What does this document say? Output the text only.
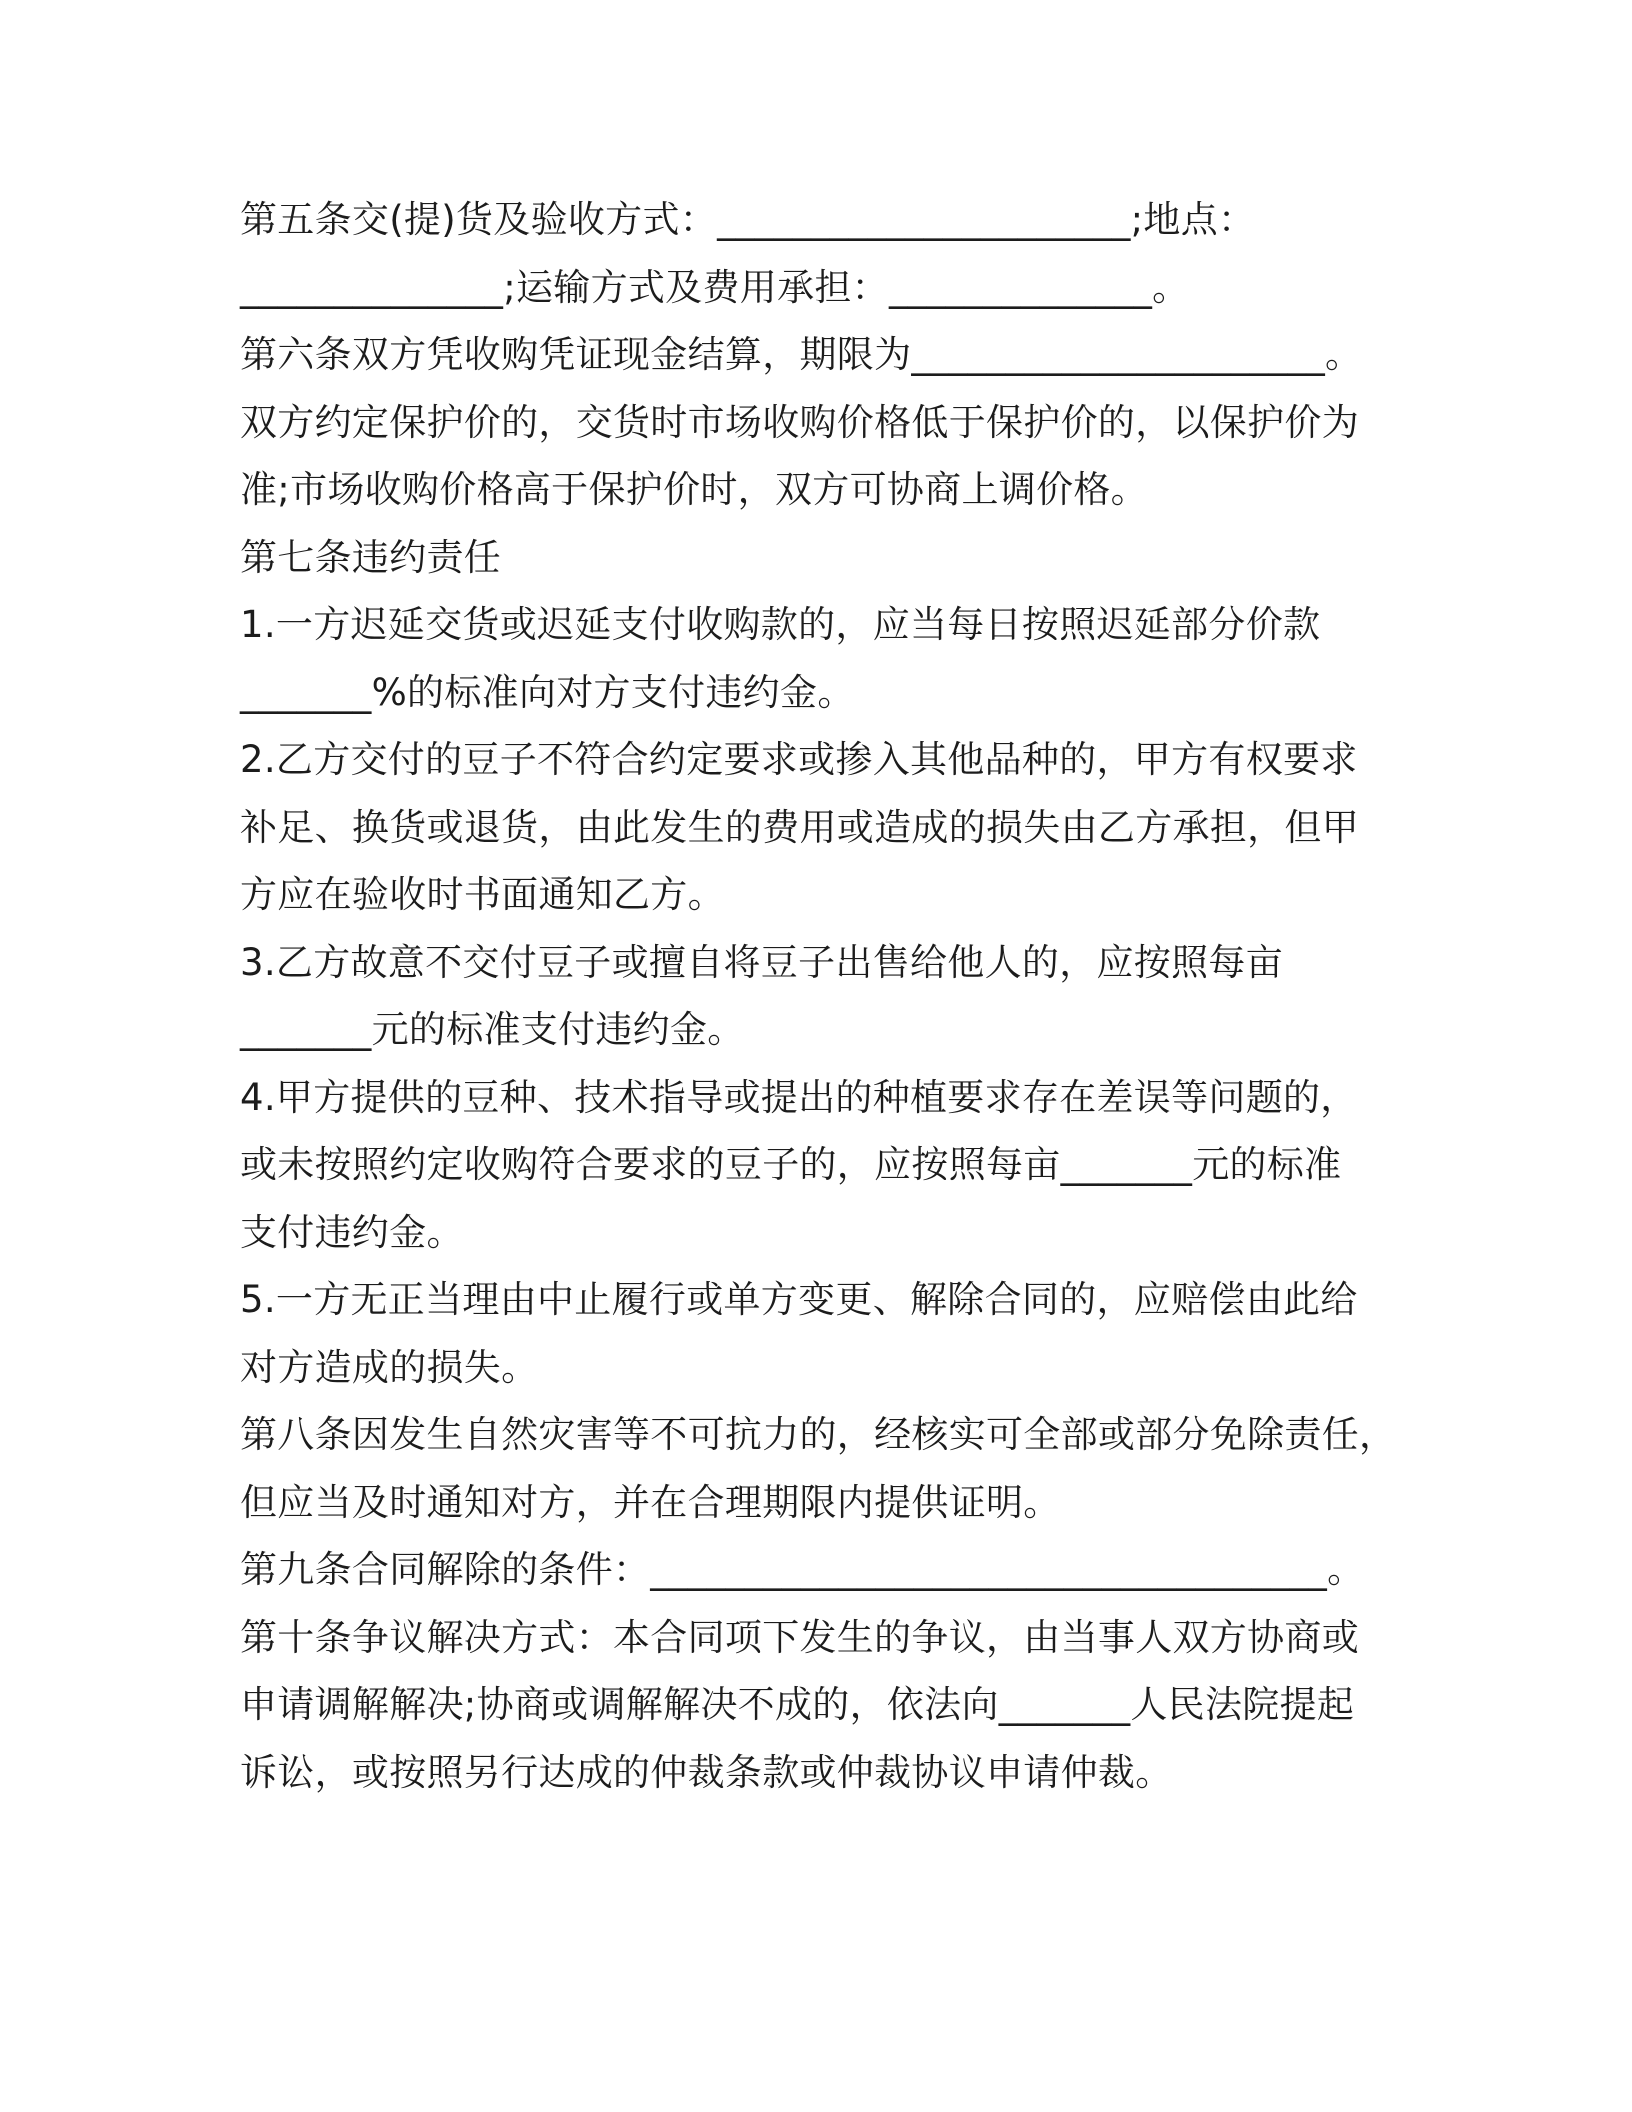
第五条交(提)货及验收方式：______________________;地点：
______________;运输方式及费用承担：______________。
第六条双方凭收购凭证现金结算，期限为______________________。
双方约定保护价的，交货时市场收购价格低于保护价的，以保护价为
准;市场收购价格高于保护价时，双方可协商上调价格。
第七条违约责任
1.一方迟延交货或迟延支付收购款的，应当每日按照迟延部分价款
_______%的标准向对方支付违约金。
2.乙方交付的豆子不符合约定要求或掺入其他品种的，甲方有权要求
补足、换货或退货，由此发生的费用或造成的损失由乙方承担，但甲
方应在验收时书面通知乙方。
3.乙方故意不交付豆子或擅自将豆子出售给他人的，应按照每亩
_______元的标准支付违约金。
4.甲方提供的豆种、技术指导或提出的种植要求存在差误等问题的，
或未按照约定收购符合要求的豆子的，应按照每亩_______元的标准
支付违约金。
5.一方无正当理由中止履行或单方变更、解除合同的，应赔偿由此给
对方造成的损失。
第八条因发生自然灾害等不可抗力的，经核实可全部或部分免除责任，
但应当及时通知对方，并在合理期限内提供证明。
第九条合同解除的条件：____________________________________。
第十条争议解决方式：本合同项下发生的争议，由当事人双方协商或
申请调解解决;协商或调解解决不成的，依法向_______人民法院提起
诉讼，或按照另行达成的仲裁条款或仲裁协议申请仲裁。
